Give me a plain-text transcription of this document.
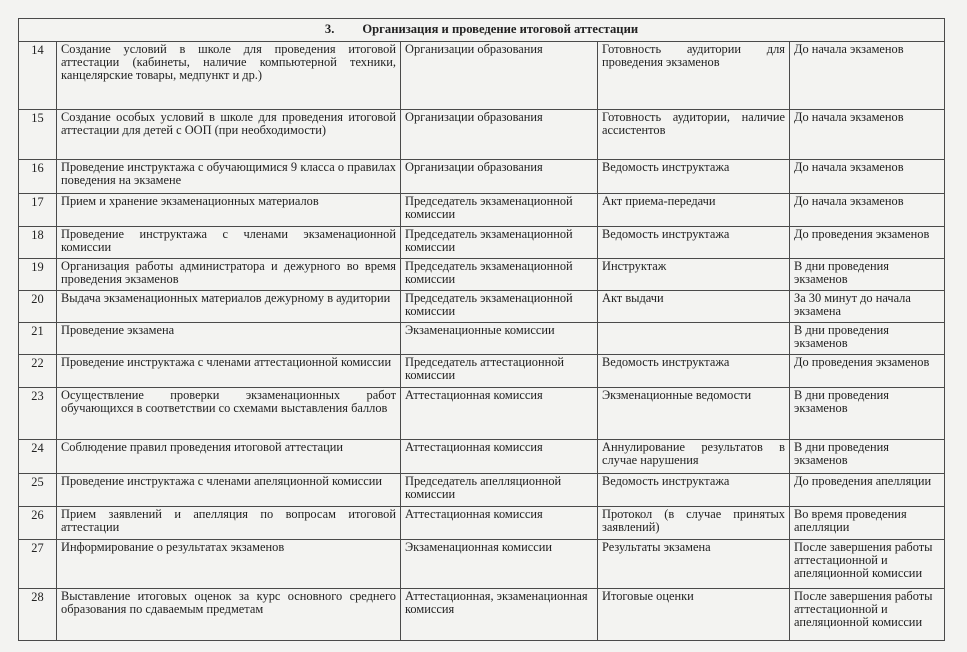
3. Организация и проведение итоговой аттестации				
14	Создание условий в школе для проведения итоговой аттестации (кабинеты, наличие компьютерной техники, канцелярские товары, медпункт и др.)	Организации образования	Готовность аудитории для проведения экзаменов	До начала экзаменов
15	Создание особых условий в школе для проведения итоговой аттестации для детей с ООП (при необходимости)	Организации образования	Готовность аудитории, наличие ассистентов	До начала экзаменов
16	Проведение инструктажа с обучающимися 9 класса о правилах поведения на экзамене	Организации образования	Ведомость инструктажа	До начала экзаменов
17	Прием и хранение экзаменационных материалов	Председатель экзаменационной комиссии	Акт приема-передачи	До начала экзаменов
18	Проведение инструктажа с членами экзаменационной комиссии	Председатель экзаменационной комиссии	Ведомость инструктажа	До проведения экзаменов
19	Организация работы администратора и дежурного во время проведения экзаменов	Председатель экзаменационной комиссии	Инструктаж	В дни проведения экзаменов
20	Выдача экзаменационных материалов дежурному в аудитории	Председатель экзаменационной комиссии	Акт выдачи	За 30 минут до начала экзамена
21	Проведение экзамена	Экзаменационные комиссии		В дни проведения экзаменов
22	Проведение инструктажа с членами аттестационной комиссии	Председатель аттестационной комиссии	Ведомость инструктажа	До проведения экзаменов
23	Осуществление проверки экзаменационных работ обучающихся в соответствии со схемами выставления баллов	Аттестационная комиссия	Экзменационные ведомости	В дни проведения экзаменов
24	Соблюдение правил проведения итоговой аттестации	Аттестационная комиссия	Аннулирование результатов в случае нарушения	В дни проведения экзаменов
25	Проведение инструктажа с членами апеляционной комиссии	Председатель апелляционной комиссии	Ведомость инструктажа	До проведения апелляции
26	Прием заявлений и апелляция по вопросам итоговой аттестации	Аттестационная комиссия	Протокол (в случае принятых заявлений)	Во время проведения апелляции
27	Информирование о результатах экзаменов	Экзаменационная комиссии	Результаты экзамена	После завершения работы аттестационной и апеляционной комиссии
28	Выставление итоговых оценок за курс основного среднего образования по сдаваемым предметам	Аттестационная, экзаменационная комиссия	Итоговые оценки	После завершения работы аттестационной и апеляционной комиссии
